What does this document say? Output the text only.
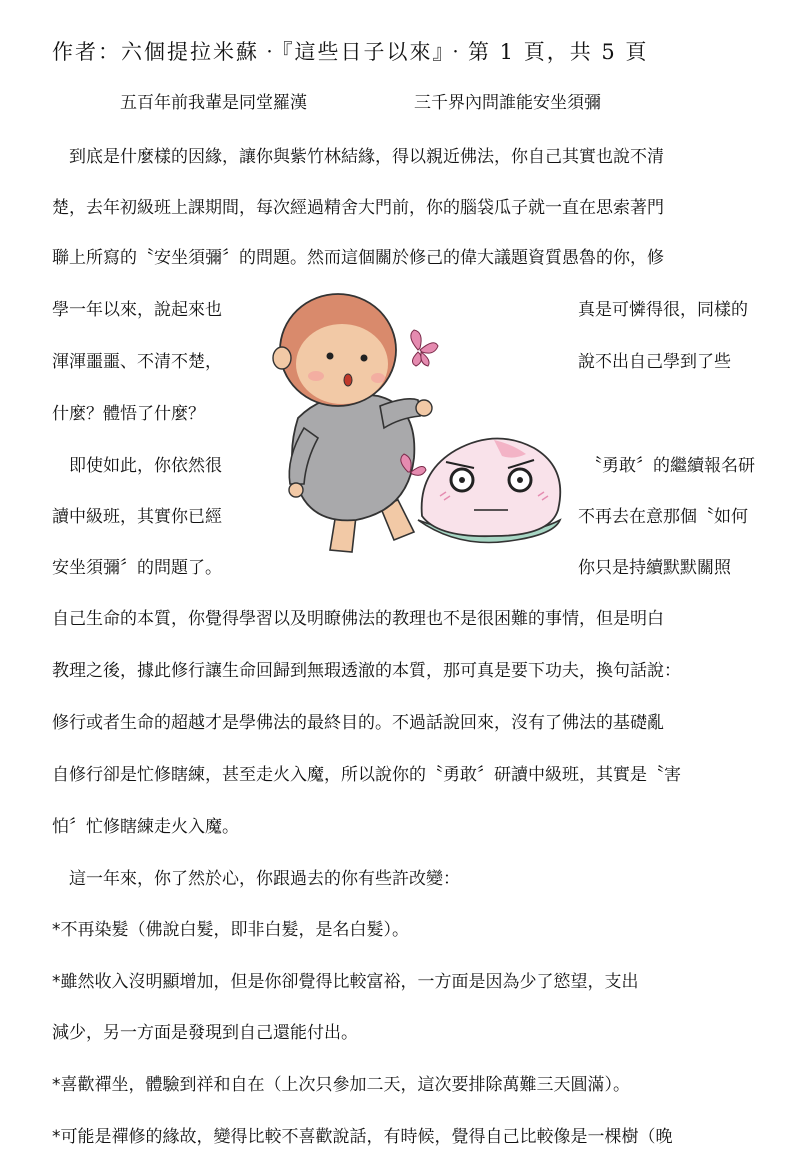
作者：六個提拉米蘇‧『這些日子以來』‧第 1 頁，共 5 頁
五百年前我輩是同堂羅漢	三千界內問誰能安坐須彌
　到底是什麼樣的因緣，讓你與紫竹林結緣，得以親近佛法，你自己其實也說不清
楚，去年初級班上課期間，每次經過精舍大門前，你的腦袋瓜子就一直在思索著門
聯上所寫的〝安坐須彌〞的問題。然而這個關於修己的偉大議題資質愚魯的你，修
學一年以來，說起來也	真是可憐得很，同樣的
渾渾噩噩、不清不楚，	說不出自己學到了些
什麼？體悟了什麼？
　即使如此，你依然很	〝勇敢〞的繼續報名研
讀中級班，其實你已經	不再去在意那個〝如何
安坐須彌〞的問題了。	你只是持續默默關照
自己生命的本質，你覺得學習以及明瞭佛法的教理也不是很困難的事情，但是明白
教理之後，據此修行讓生命回歸到無瑕透澈的本質，那可真是要下功夫，換句話說：
修行或者生命的超越才是學佛法的最終目的。不過話說回來，沒有了佛法的基礎亂
自修行卻是忙修瞎練，甚至走火入魔，所以說你的〝勇敢〞研讀中級班，其實是〝害
怕〞忙修瞎練走火入魔。
　這一年來，你了然於心，你跟過去的你有些許改變：
*不再染髮（佛說白髮，即非白髮，是名白髮）。
*雖然收入沒明顯增加，但是你卻覺得比較富裕，一方面是因為少了慾望，支出
減少，另一方面是發現到自己還能付出。
*喜歡禪坐，體驗到祥和自在（上次只參加二天，這次要排除萬難三天圓滿）。
*可能是禪修的緣故，變得比較不喜歡說話，有時候，覺得自己比較像是一棵樹（晚
